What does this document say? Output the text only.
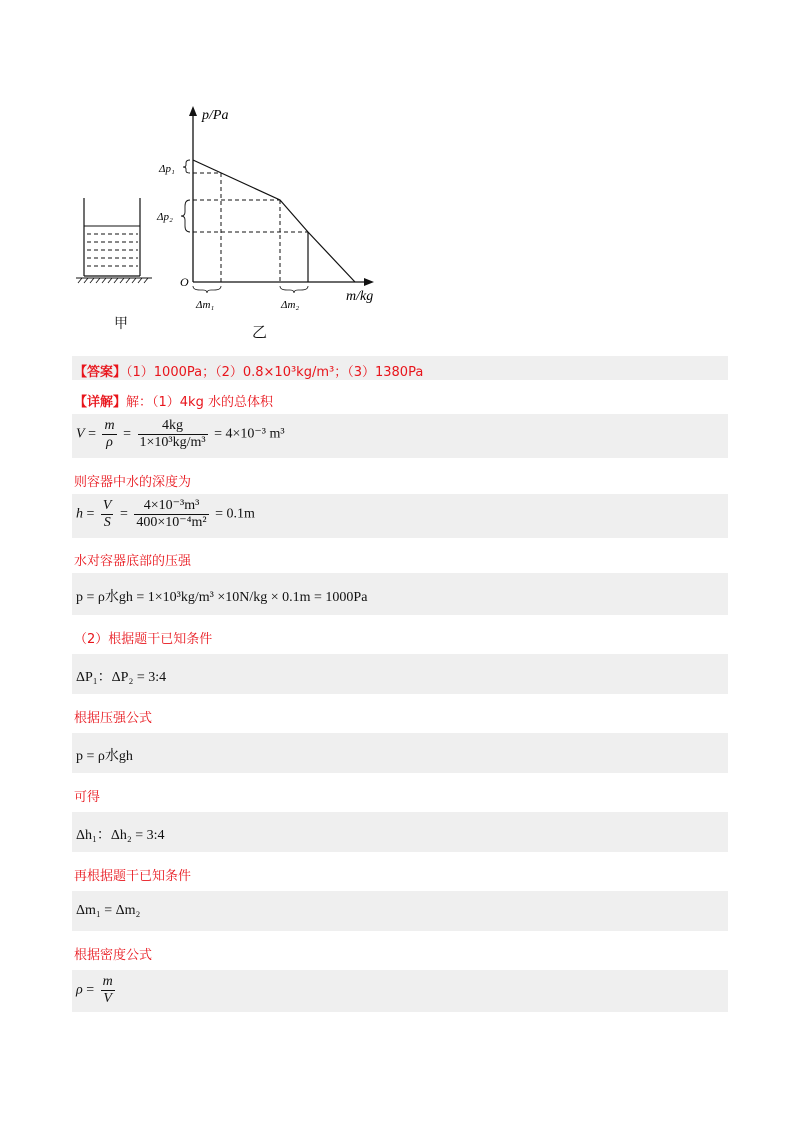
甲
p/Pa
m/kg
O
Δp₁
Δp₂
Δm₁	Δm₂
乙
【答案】（1）1000Pa；（2）0.8×10³kg/m³；（3）1380Pa
【详解】解：（1）4kg 水的总体积
$V = \frac{m}{\rho} = \frac{4kg}{\text{1×10³kg/m³}} = 4\times 10^{-3}$ m³
则容器中水的深度为
$h = \frac{V}{S} = \frac{\text{4×10⁻³m³}}{\text{400×10⁻⁴m²}} = 0.1m$
水对容器底部的压强
p = ρ水gh = 1×10³kg/m³ ×10N/kg × 0.1m = 1000Pa
（2）根据题干已知条件
ΔP₁：ΔP₂ = 3:4
根据压强公式
p = ρ水gh
可得
Δh₁：Δh₂ = 3:4
再根据题干已知条件
Δm₁ = Δm₂
根据密度公式
$\rho = \frac{m}{V}$
